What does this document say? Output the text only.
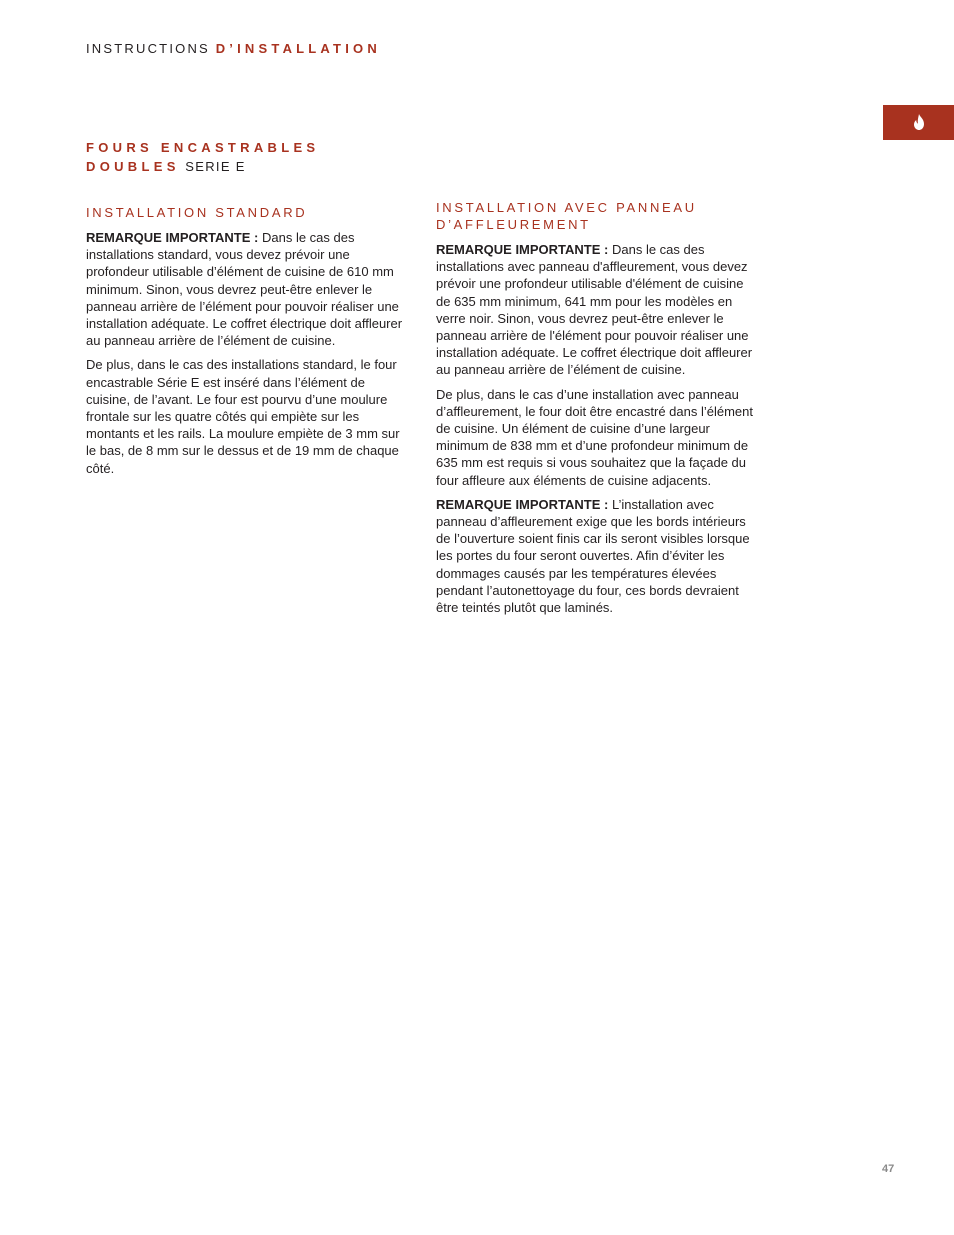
INSTRUCTIONS D’INSTALLATION
FOURS ENCASTRABLES
DOUBLES SERIE E
INSTALLATION STANDARD

REMARQUE IMPORTANTE : Dans le cas des installations standard, vous devez prévoir une profondeur utilisable d’élément de cuisine de 610 mm minimum. Sinon, vous devrez peut-être enlever le panneau arrière de l’élément pour pouvoir réaliser une installation adéquate. Le coffret électrique doit affleurer au panneau arrière de l’élément de cuisine.

De plus, dans le cas des installations standard, le four encastrable Série E est inséré dans l’élément de cuisine, de l’avant. Le four est pourvu d’une moulure frontale sur les quatre côtés qui empiète sur les montants et les rails. La moulure empiète de 3 mm sur le bas, de 8 mm sur le dessus et de 19 mm de chaque côté.

INSTALLATION AVEC PANNEAU D’AFFLEUREMENT

REMARQUE IMPORTANTE : Dans le cas des installations avec panneau d'affleurement, vous devez prévoir une profondeur utilisable d'élément de cuisine de 635 mm minimum, 641 mm pour les modèles en verre noir. Sinon, vous devrez peut-être enlever le panneau arrière de l'élément pour pouvoir réaliser une installation adéquate. Le coffret électrique doit affleurer au panneau arrière de l’élément de cuisine.

De plus, dans le cas d’une installation avec panneau d’affleurement, le four doit être encastré dans l’élément de cuisine. Un élément de cuisine d’une largeur minimum de 838 mm et d’une profondeur minimum de 635 mm est requis si vous souhaitez que la façade du four affleure aux éléments de cuisine adjacents.

REMARQUE IMPORTANTE : L’installation avec panneau d’affleurement exige que les bords intérieurs de l’ouverture soient finis car ils seront visibles lorsque les portes du four seront ouvertes. Afin d’éviter les dommages causés par les températures élevées pendant l’autonettoyage du four, ces bords devraient être teintés plutôt que laminés.

47
